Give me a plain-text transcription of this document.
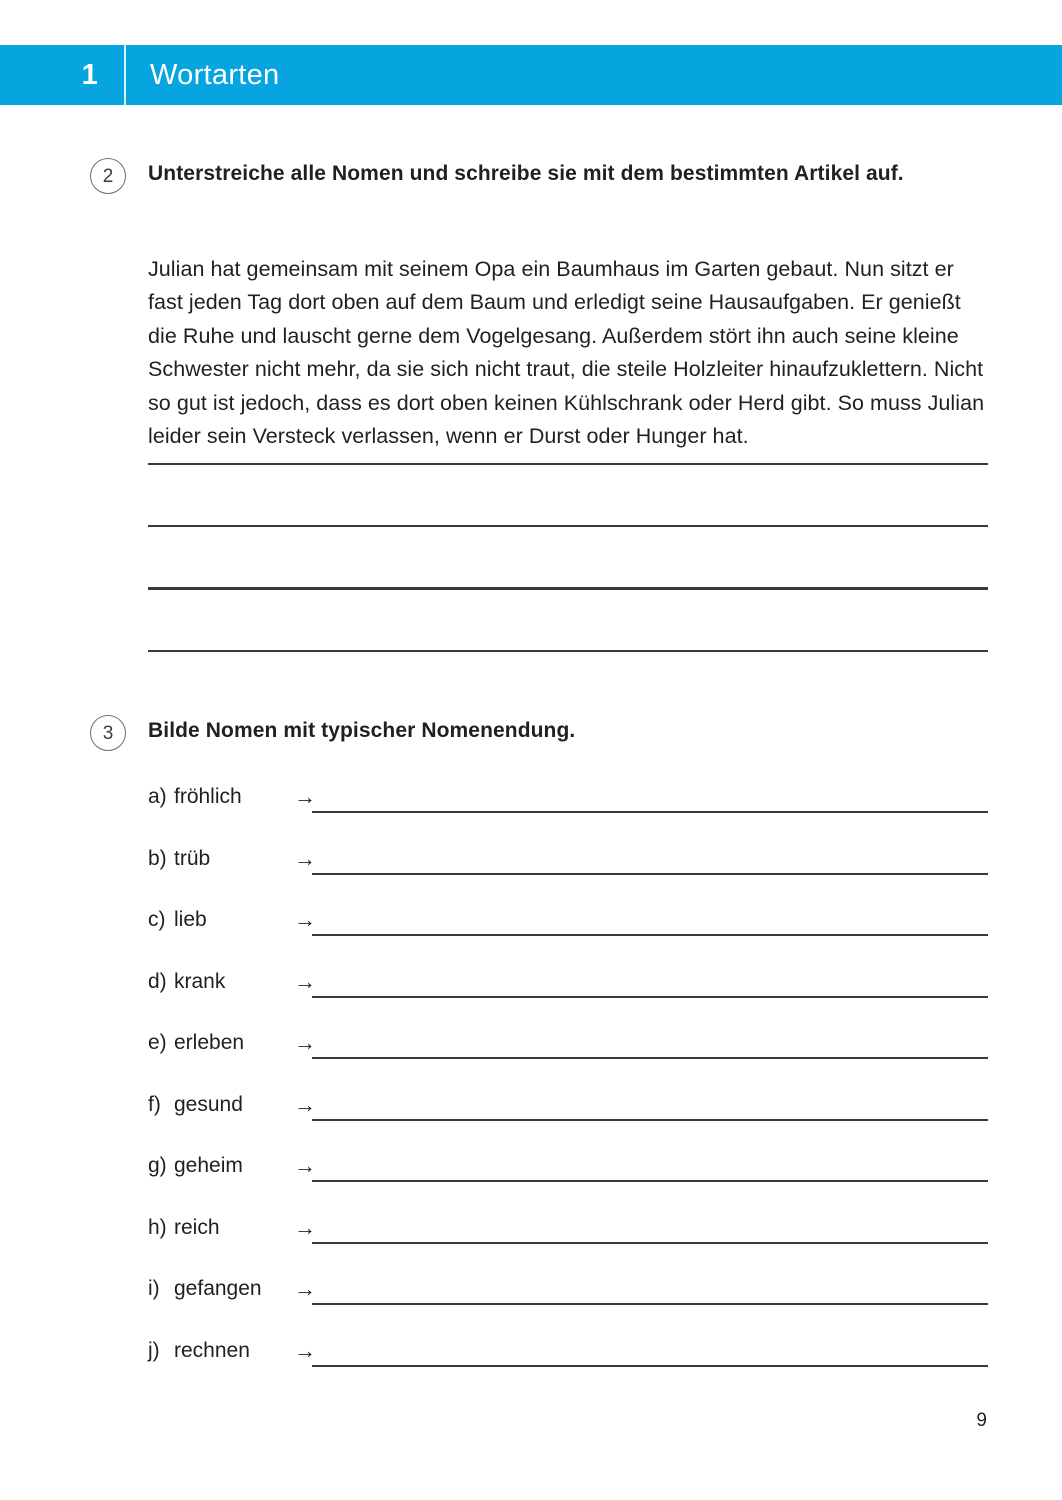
1	Wortarten
2	Unterstreiche alle Nomen und schreibe sie mit dem bestimmten Artikel auf.

Julian hat gemeinsam mit seinem Opa ein Baumhaus im Garten gebaut. Nun sitzt er fast jeden Tag dort oben auf dem Baum und erledigt seine Hausaufgaben. Er genießt die Ruhe und lauscht gerne dem Vogelgesang. Außerdem stört ihn auch seine kleine Schwester nicht mehr, da sie sich nicht traut, die steile Holzleiter hinaufzuklettern. Nicht so gut ist jedoch, dass es dort oben keinen Kühlschrank oder Herd gibt. So muss Julian leider sein Versteck verlassen, wenn er Durst oder Hunger hat.

3	Bilde Nomen mit typischer Nomenendung.
a) fröhlich	→
b) trüb	→
c) lieb	→
d) krank	→
e) erleben	→
f) gesund	→
g) geheim	→
h) reich	→
i) gefangen	→
j) rechnen	→
9
